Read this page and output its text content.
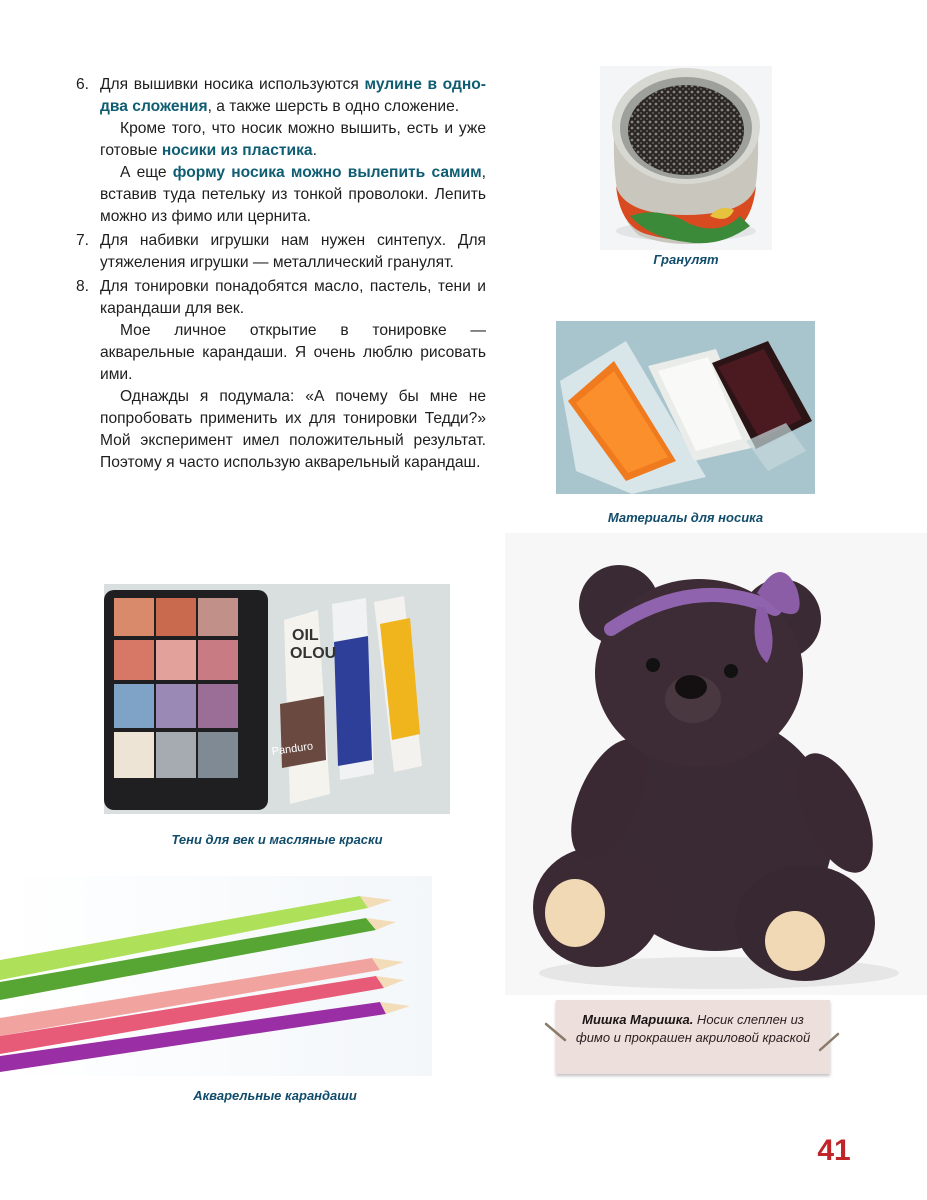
6. Для вышивки носика используются мулине в одно-два сложения, а также шерсть в одно сложение.

Кроме того, что носик можно вышить, есть и уже готовые носики из пластика.

А еще форму носика можно вылепить самим, вставив туда петельку из тонкой проволоки. Лепить можно из фимо или цернита.

7. Для набивки игрушки нам нужен синтепух. Для утяжеления игрушки — металлический гранулят.

8. Для тонировки понадобятся масло, пастель, тени и карандаши для век.

Мое личное открытие в тонировке — акварельные карандаши. Я очень люблю рисовать ими.

Однажды я подумала: «А почему бы мне не попробовать применить их для тонировки Тедди?» Мой эксперимент имел положительный результат. Поэтому я часто использую акварельный карандаш.

Гранулят
Материалы для носика
OIL
OLOU
Panduro
Тени для век и масляные краски
Акварельные карандаши
Мишка Маришка. Носик слеплен из фимо и прокрашен акриловой краской
41
